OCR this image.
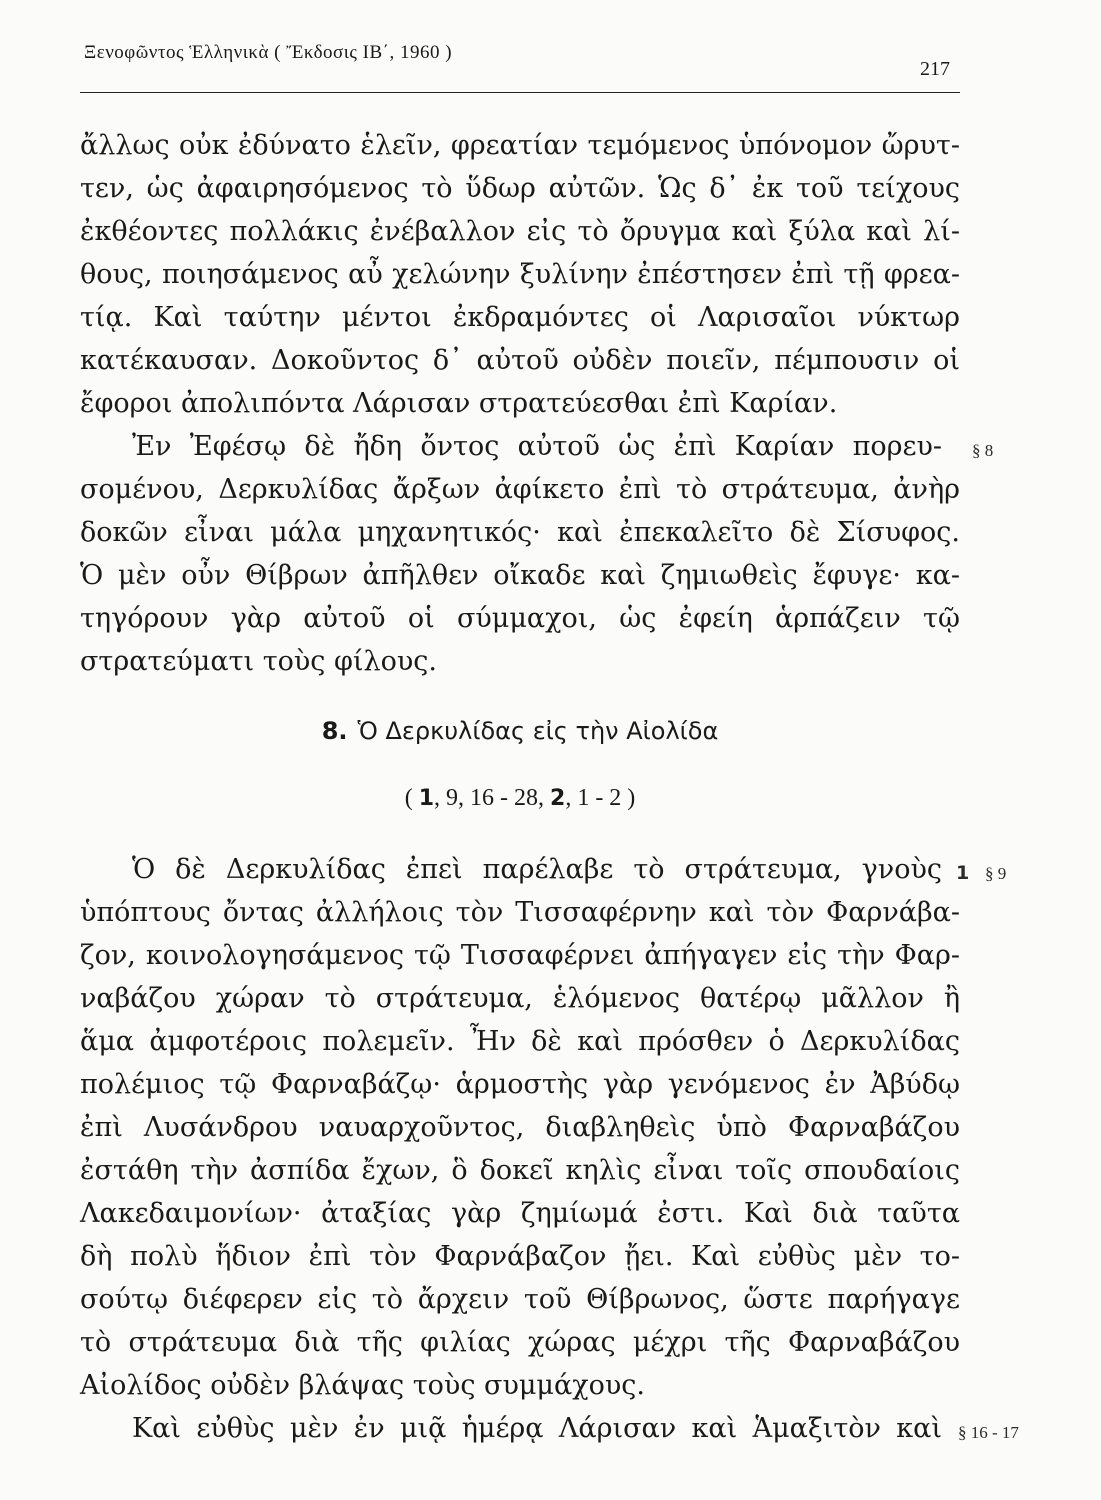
Ξενοφῶντος Ἑλληνικὰ ( Ἔκδοσις ΙΒ΄, 1960 )
217
ἄλλως οὐκ ἐδύνατο ἑλεῖν, φρεατίαν τεμόμενος ὑπόνομον ὤρυτ-
τεν, ὡς ἀφαιρησόμενος τὸ ὕδωρ αὐτῶν. Ὡς δ᾿ ἐκ τοῦ τείχους
ἐκθέοντες πολλάκις ἐνέβαλλον εἰς τὸ ὄρυγμα καὶ ξύλα καὶ λί-
θους, ποιησάμενος αὖ χελώνην ξυλίνην ἐπέστησεν ἐπὶ τῇ φρεα-
τίᾳ. Καὶ ταύτην μέντοι ἐκδραμόντες οἱ Λαρισαῖοι νύκτωρ
κατέκαυσαν. Δοκοῦντος δ᾿ αὐτοῦ οὐδὲν ποιεῖν, πέμπουσιν οἱ
ἔφοροι ἀπολιπόντα Λάρισαν στρατεύεσθαι ἐπὶ Καρίαν.
Ἐν Ἐφέσῳ δὲ ἤδη ὄντος αὐτοῦ ὡς ἐπὶ Καρίαν πορευ-
σομένου, Δερκυλίδας ἄρξων ἀφίκετο ἐπὶ τὸ στράτευμα, ἀνὴρ
δοκῶν εἶναι μάλα μηχανητικός· καὶ ἐπεκαλεῖτο δὲ Σίσυφος.
Ὁ μὲν οὖν Θίβρων ἀπῆλθεν οἴκαδε καὶ ζημιωθεὶς ἔφυγε· κα-
τηγόρουν γὰρ αὐτοῦ οἱ σύμμαχοι, ὡς ἐφείη ἁρπάζειν τῷ
στρατεύματι τοὺς φίλους.
§ 8
8. Ὁ Δερκυλίδας εἰς τὴν Αἰολίδα
( 1, 9, 16 - 28, 2, 1 - 2 )
Ὁ δὲ Δερκυλίδας ἐπεὶ παρέλαβε τὸ στράτευμα, γνοὺς
ὑπόπτους ὄντας ἀλλήλοις τὸν Τισσαφέρνην καὶ τὸν Φαρνάβα-
ζον, κοινολογησάμενος τῷ Τισσαφέρνει ἀπήγαγεν εἰς τὴν Φαρ-
ναβάζου χώραν τὸ στράτευμα, ἑλόμενος θατέρῳ μᾶλλον ἢ
ἅμα ἀμφοτέροις πολεμεῖν. Ἦν δὲ καὶ πρόσθεν ὁ Δερκυλίδας
πολέμιος τῷ Φαρναβάζῳ· ἁρμοστὴς γὰρ γενόμενος ἐν Ἀβύδῳ
ἐπὶ Λυσάνδρου ναυαρχοῦντος, διαβληθεὶς ὑπὸ Φαρναβάζου
ἐστάθη τὴν ἀσπίδα ἔχων, ὃ δοκεῖ κηλὶς εἶναι τοῖς σπουδαίοις
Λακεδαιμονίων· ἀταξίας γὰρ ζημίωμά ἐστι. Καὶ διὰ ταῦτα
δὴ πολὺ ἥδιον ἐπὶ τὸν Φαρνάβαζον ᾔει. Καὶ εὐθὺς μὲν το-
σούτῳ διέφερεν εἰς τὸ ἄρχειν τοῦ Θίβρωνος, ὥστε παρήγαγε
τὸ στράτευμα διὰ τῆς φιλίας χώρας μέχρι τῆς Φαρναβάζου
Αἰολίδος οὐδὲν βλάψας τοὺς συμμάχους.
Καὶ εὐθὺς μὲν ἐν μιᾷ ἡμέρᾳ Λάρισαν καὶ Ἁμαξιτὸν καὶ
1 § 9
§ 16 - 17
